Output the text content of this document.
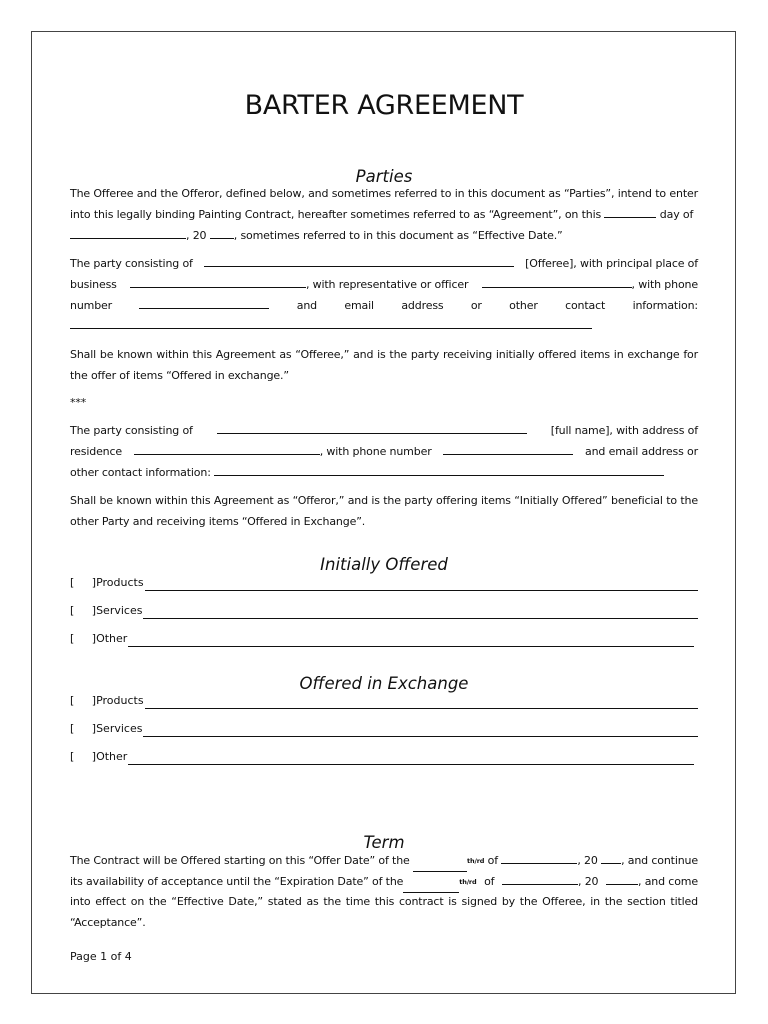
BARTER AGREEMENT
Parties
The Offeree and the Offeror, defined below, and sometimes referred to in this document as “Parties”, intend to enter
into this legally binding Painting Contract, hereafter sometimes referred to as “Agreement”, on this	day of
, 20 , sometimes referred to in this document as “Effective Date.”
The party consisting of	[Offeree], with principal place of
business	, with representative or officer	, with phone
number	and email address or other contact information:
Shall be known within this Agreement as “Offeree,” and is the party receiving initially offered items in exchange for the offer of items “Offered in exchange.”
***
The party consisting of	[full name], with address of
residence	, with phone number	and email address or
other contact information:
Shall be known within this Agreement as “Offeror,” and is the party offering items “Initially Offered” beneficial to the other Party and receiving items “Offered in Exchange”.
Initially Offered
[     ] Products
[     ] Services
[     ] Other
Offered in Exchange
[     ] Products
[     ] Services
[     ] Other
Term
The Contract will be Offered starting on this “Offer Date” of the	$^{th/rd}$ of	, 20 , and continue
its availability of acceptance until the “Expiration Date” of the	$^{th/rd}$ of	, 20	, and come
into effect on the “Effective Date,” stated as the time this contract is signed by the Offeree, in the section titled “Acceptance”.
Page 1 of 4
